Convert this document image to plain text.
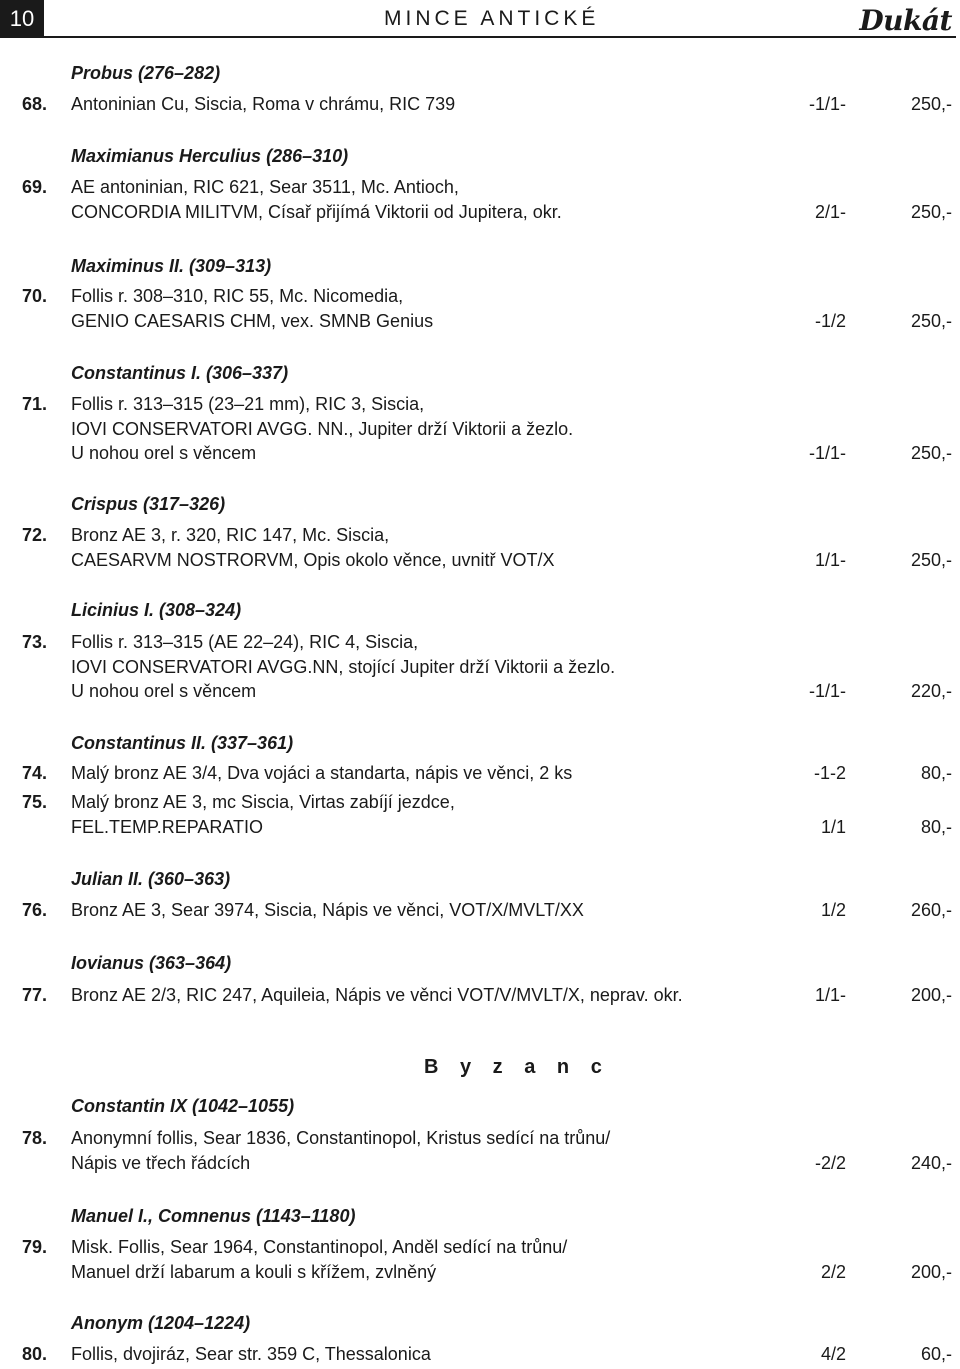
10	MINCE ANTICKÉ	Dukát
Probus (276–282)
68. Antoninian Cu, Siscia, Roma v chrámu, RIC 739	-1/1-	250,-
Maximianus Herculius (286–310)
69. AE antoninian, RIC 621, Sear 3511, Mc. Antioch,
CONCORDIA MILITVM, Císař přijímá Viktorii od Jupitera, okr.	2/1-	250,-
Maximinus II. (309–313)
70. Follis r. 308–310, RIC 55, Mc. Nicomedia,
GENIO CAESARIS CHM, vex. SMNB Genius	-1/2	250,-
Constantinus I. (306–337)
71. Follis r. 313–315 (23–21 mm), RIC 3, Siscia,
IOVI CONSERVATORI AVGG. NN., Jupiter drží Viktorii a žezlo.
U nohou orel s věncem	-1/1-	250,-
Crispus (317–326)
72. Bronz AE 3, r. 320, RIC 147, Mc. Siscia,
CAESARVM NOSTRORVM, Opis okolo věnce, uvnitř VOT/X	1/1-	250,-
Licinius I. (308–324)
73. Follis r. 313–315 (AE 22–24), RIC 4, Siscia,
IOVI CONSERVATORI AVGG.NN, stojící Jupiter drží Viktorii a žezlo.
U nohou orel s věncem	-1/1-	220,-
Constantinus II. (337–361)
74. Malý bronz AE 3/4, Dva vojáci a standarta, nápis ve věnci, 2 ks	-1-2	80,-
75. Malý bronz AE 3, mc Siscia, Virtas zabíjí jezdce,
FEL.TEMP.REPARATIO	1/1	80,-
Julian II. (360–363)
76. Bronz AE 3, Sear 3974, Siscia, Nápis ve věnci, VOT/X/MVLT/XX	1/2	260,-
Iovianus (363–364)
77. Bronz AE 2/3, RIC 247, Aquileia, Nápis ve věnci VOT/V/MVLT/X, neprav. okr.	1/1-	200,-
Constantin IX (1042–1055)
78. Anonymní follis, Sear 1836, Constantinopol, Kristus sedící na trůnu/
Nápis ve třech řádcích	-2/2	240,-
Manuel I., Comnenus (1143–1180)
79. Misk. Follis, Sear 1964, Constantinopol, Anděl sedící na trůnu/
Manuel drží labarum a kouli s křížem, zvlněný	2/2	200,-
Anonym (1204–1224)
80. Follis, dvojiráz, Sear str. 359 C, Thessalonica	4/2	60,-
B y z a n c
